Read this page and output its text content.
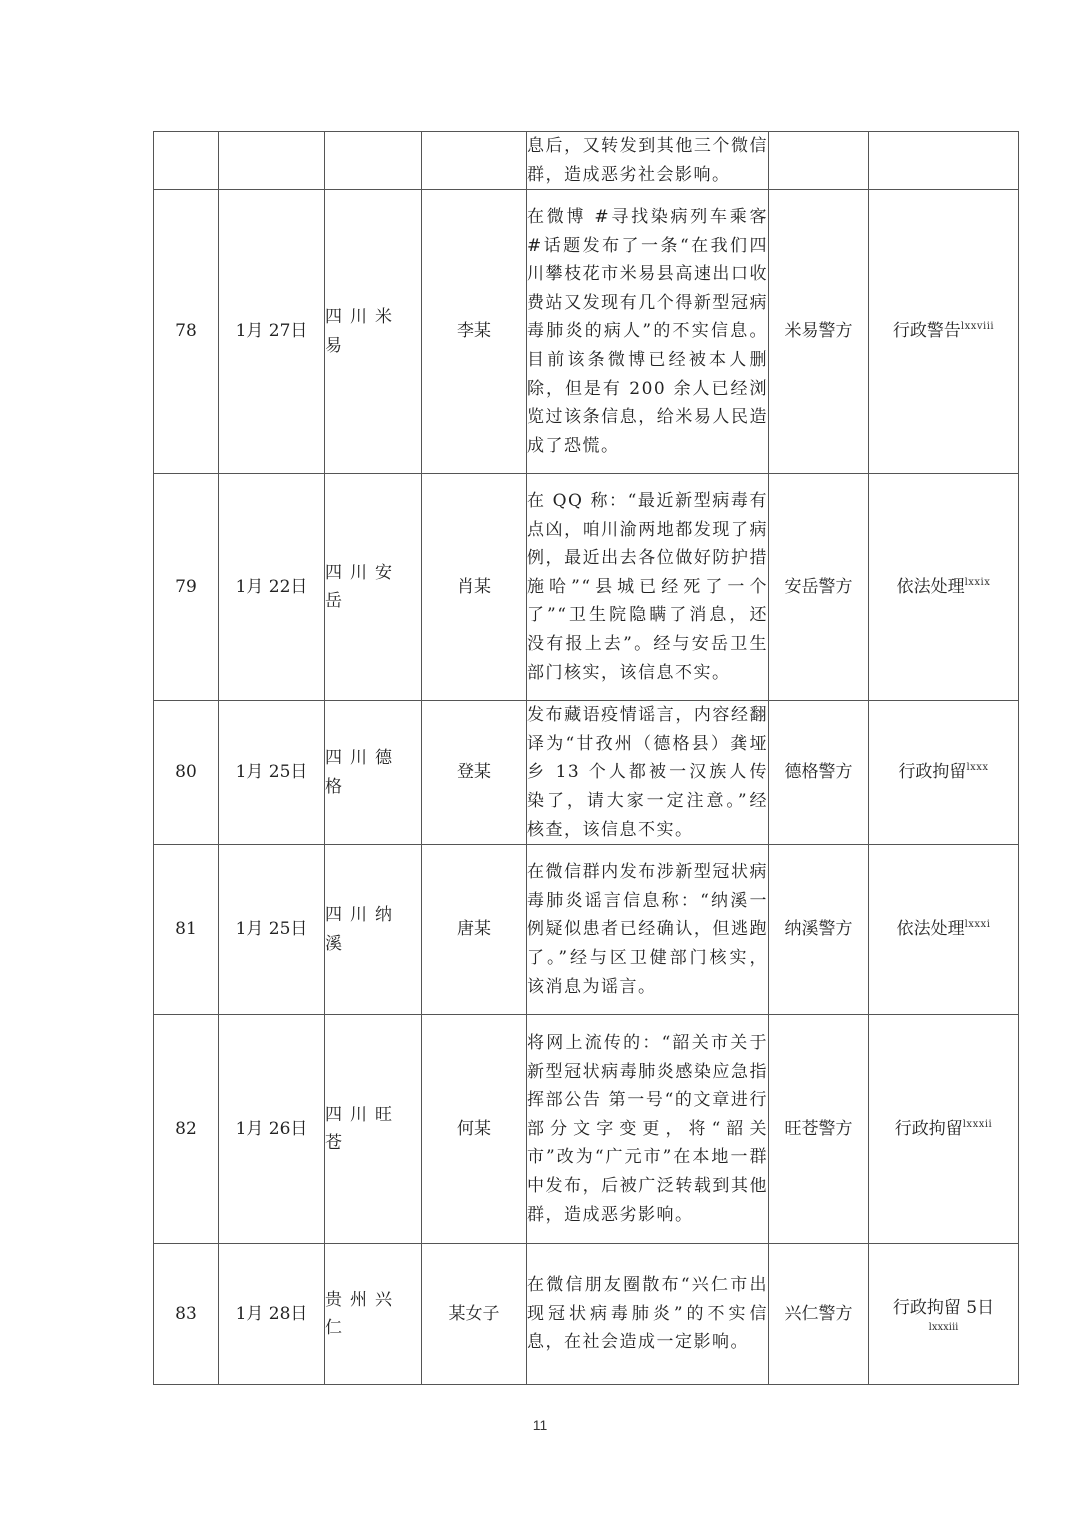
				息后，又转发到其他三个微信群，造成恶劣社会影响。		
78	1月 27日	四川米易	李某	在微博 #寻找染病列车乘客#话题发布了一条“在我们四川攀枝花市米易县高速出口收费站又发现有几个得新型冠病毒肺炎的病人”的不实信息。目前该条微博已经被本人删除，但是有 200 余人已经浏览过该条信息，给米易人民造成了恐慌。	米易警方	行政警告$^{lxxviii}$
79	1月 22日	四川安岳	肖某	在 QQ 称：“最近新型病毒有点凶，咱川渝两地都发现了病例，最近出去各位做好防护措施哈”“县城已经死了一个了”“卫生院隐瞒了消息，还没有报上去”。经与安岳卫生部门核实，该信息不实。	安岳警方	依法处理$^{lxxix}$
80	1月 25日	四川德格	登某	发布藏语疫情谣言，内容经翻译为“甘孜州（德格县）龚垭乡 13 个人都被一汉族人传染了，请大家一定注意。”经核查，该信息不实。	德格警方	行政拘留$^{lxxx}$
81	1月 25日	四川纳溪	唐某	在微信群内发布涉新型冠状病毒肺炎谣言信息称：“纳溪一例疑似患者已经确认，但逃跑了。”经与区卫健部门核实，该消息为谣言。	纳溪警方	依法处理$^{lxxxi}$
82	1月 26日	四川旺苍	何某	将网上流传的：“韶关市关于新型冠状病毒肺炎感染应急指挥部公告 第一号“的文章进行部分文字变更，将“韶关市”改为“广元市”在本地一群中发布，后被广泛转载到其他群，造成恶劣影响。	旺苍警方	行政拘留$^{lxxxii}$
83	1月 28日	贵州兴仁	某女子	在微信朋友圈散布“兴仁市出现冠状病毒肺炎”的不实信息，在社会造成一定影响。	兴仁警方	行政拘留 5日
lxxxiii
11
